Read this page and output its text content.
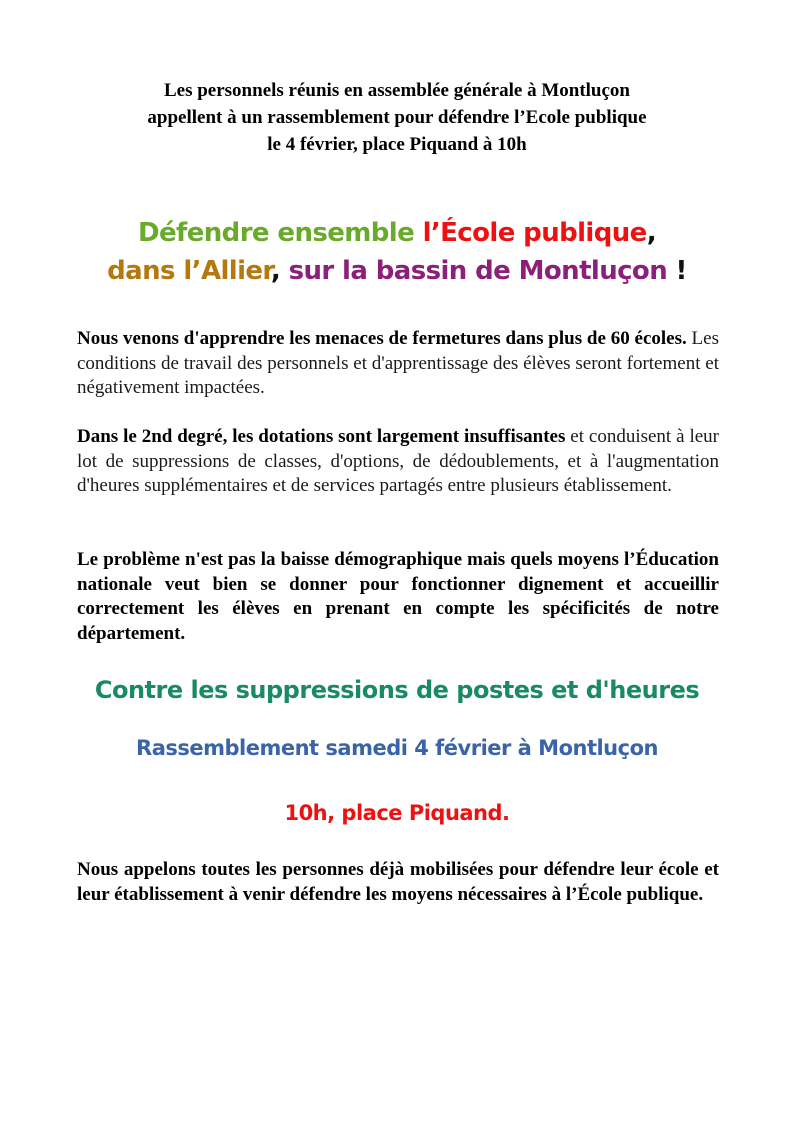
Les personnels réunis en assemblée générale à Montluçon
appellent à un rassemblement pour défendre l’Ecole publique
le 4 février, place Piquand à 10h
Défendre ensemble l’École publique,
dans l’Allier, sur la bassin de Montluçon !
Nous venons d'apprendre les menaces de fermetures dans plus de 60 écoles. Les conditions de travail des personnels et d'apprentissage des élèves seront fortement et négativement impactées.
Dans le 2nd degré, les dotations sont largement insuffisantes et conduisent à leur lot de suppressions de classes, d'options, de dédoublements, et à l'augmentation d'heures supplémentaires et de services partagés entre plusieurs établissement.
Le problème n'est pas la baisse démographique mais quels moyens l’Éducation nationale veut bien se donner pour fonctionner dignement et accueillir correctement les élèves en prenant en compte les spécificités de notre département.
Contre les suppressions de postes et d'heures
Rassemblement samedi 4 février à Montluçon
10h, place Piquand.
Nous appelons toutes les personnes déjà mobilisées pour défendre leur école et leur établissement à venir défendre les moyens nécessaires à l’École publique.
